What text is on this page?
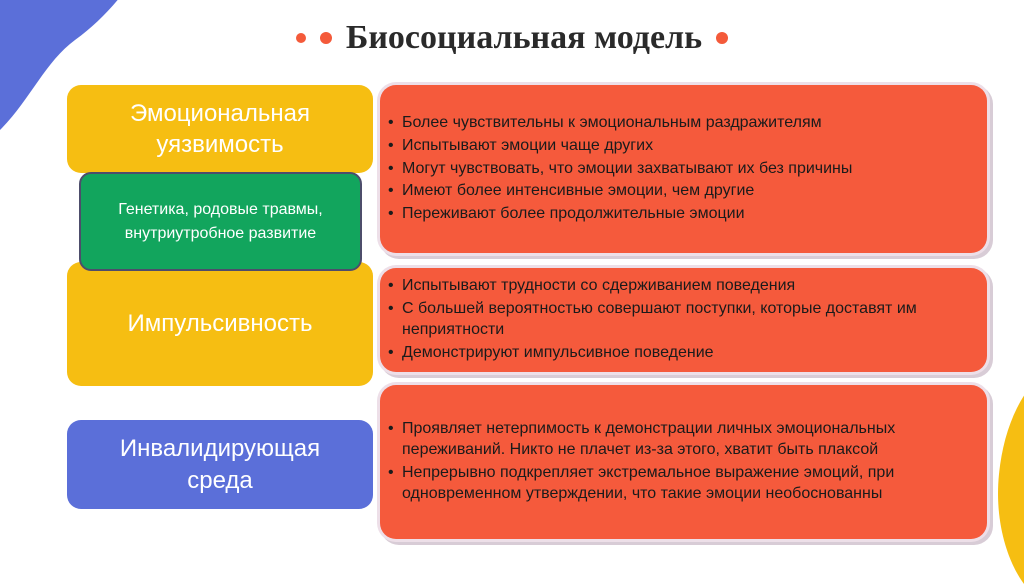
Биосоциальная модель
Эмоциональная уязвимость
Импульсивность
Генетика, родовые травмы, внутриутробное развитие
Инвалидирующая среда
• Более чувствительны к эмоциональным раздражителям
• Испытывают эмоции чаще других
• Могут чувствовать, что эмоции захватывают их без причины
• Имеют более интенсивные эмоции, чем другие
• Переживают более продолжительные эмоции
• Испытывают трудности со сдерживанием поведения
• С большей вероятностью совершают поступки, которые доставят им неприятности
• Демонстрируют импульсивное поведение
• Проявляет нетерпимость к демонстрации личных эмоциональных переживаний. Никто не плачет из-за этого, хватит быть плаксой
• Непрерывно подкрепляет экстремальное выражение эмоций, при одновременном утверждении, что такие эмоции необоснованны
